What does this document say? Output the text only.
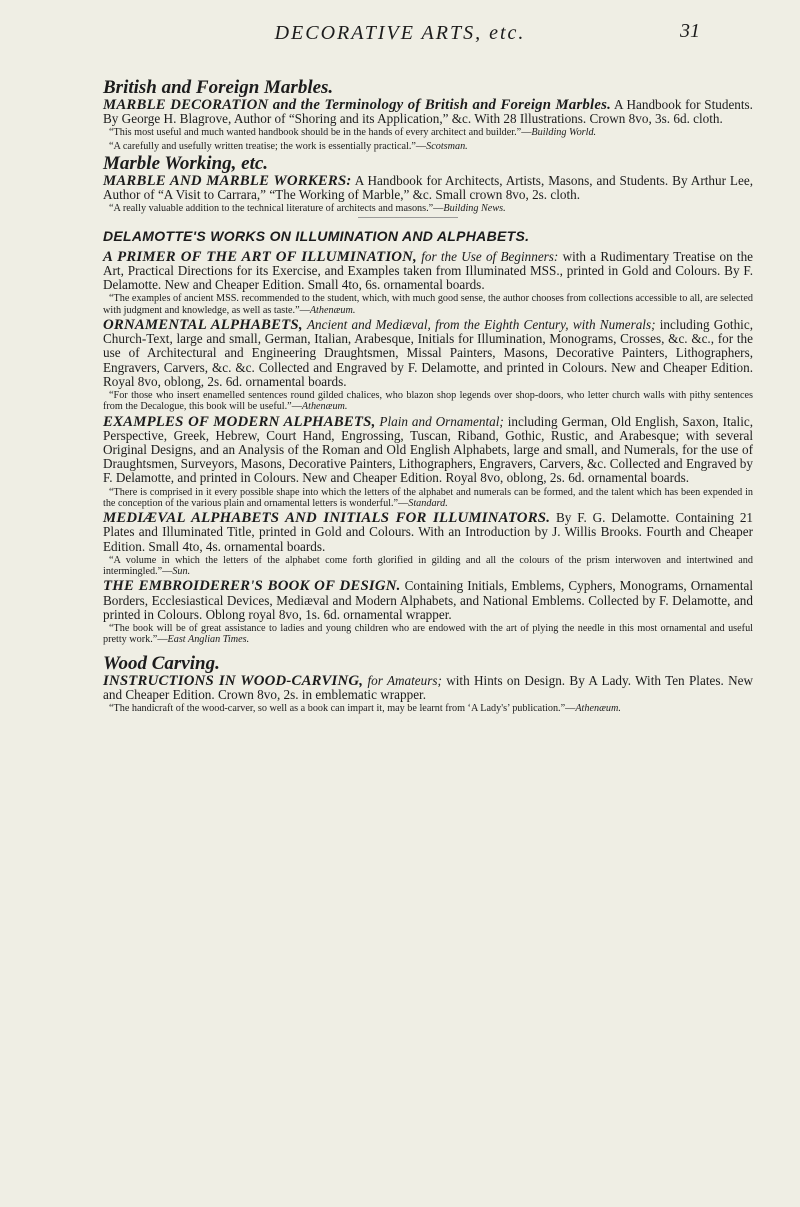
DECORATIVE ARTS, etc.	31
British and Foreign Marbles.

MARBLE DECORATION and the Terminology of British and Foreign Marbles. A Handbook for Students. By George H. Blagrove, Author of “Shoring and its Application,” &c. With 28 Illustrations. Crown 8vo, 3s. 6d. cloth.

“This most useful and much wanted handbook should be in the hands of every architect and builder.”—Building World.

“A carefully and usefully written treatise; the work is essentially practical.”—Scotsman.

Marble Working, etc.

MARBLE AND MARBLE WORKERS: A Handbook for Architects, Artists, Masons, and Students. By Arthur Lee, Author of “A Visit to Carrara,” “The Working of Marble,” &c. Small crown 8vo, 2s. cloth.

“A really valuable addition to the technical literature of architects and masons.”—Building News.

DELAMOTTE'S WORKS ON ILLUMINATION AND ALPHABETS.

A PRIMER OF THE ART OF ILLUMINATION, for the Use of Beginners: with a Rudimentary Treatise on the Art, Practical Directions for its Exercise, and Examples taken from Illuminated MSS., printed in Gold and Colours. By F. Delamotte. New and Cheaper Edition. Small 4to, 6s. ornamental boards.

“The examples of ancient MSS. recommended to the student, which, with much good sense, the author chooses from collections accessible to all, are selected with judgment and knowledge, as well as taste.”—Athenæum.

ORNAMENTAL ALPHABETS, Ancient and Mediæval, from the Eighth Century, with Numerals; including Gothic, Church-Text, large and small, German, Italian, Arabesque, Initials for Illumination, Monograms, Crosses, &c. &c., for the use of Architectural and Engineering Draughtsmen, Missal Painters, Masons, Decorative Painters, Lithographers, Engravers, Carvers, &c. &c. Collected and Engraved by F. Delamotte, and printed in Colours. New and Cheaper Edition. Royal 8vo, oblong, 2s. 6d. ornamental boards.

“For those who insert enamelled sentences round gilded chalices, who blazon shop legends over shop-doors, who letter church walls with pithy sentences from the Decalogue, this book will be useful.”—Athenæum.

EXAMPLES OF MODERN ALPHABETS, Plain and Ornamental; including German, Old English, Saxon, Italic, Perspective, Greek, Hebrew, Court Hand, Engrossing, Tuscan, Riband, Gothic, Rustic, and Arabesque; with several Original Designs, and an Analysis of the Roman and Old English Alphabets, large and small, and Numerals, for the use of Draughtsmen, Surveyors, Masons, Decorative Painters, Lithographers, Engravers, Carvers, &c. Collected and Engraved by F. Delamotte, and printed in Colours. New and Cheaper Edition. Royal 8vo, oblong, 2s. 6d. ornamental boards.

“There is comprised in it every possible shape into which the letters of the alphabet and numerals can be formed, and the talent which has been expended in the conception of the various plain and ornamental letters is wonderful.”—Standard.

MEDIÆVAL ALPHABETS AND INITIALS FOR ILLUMINATORS. By F. G. Delamotte. Containing 21 Plates and Illuminated Title, printed in Gold and Colours. With an Introduction by J. Willis Brooks. Fourth and Cheaper Edition. Small 4to, 4s. ornamental boards.

“A volume in which the letters of the alphabet come forth glorified in gilding and all the colours of the prism interwoven and intertwined and intermingled.”—Sun.

THE EMBROIDERER'S BOOK OF DESIGN. Containing Initials, Emblems, Cyphers, Monograms, Ornamental Borders, Ecclesiastical Devices, Mediæval and Modern Alphabets, and National Emblems. Collected by F. Delamotte, and printed in Colours. Oblong royal 8vo, 1s. 6d. ornamental wrapper.

“The book will be of great assistance to ladies and young children who are endowed with the art of plying the needle in this most ornamental and useful pretty work.”—East Anglian Times.

Wood Carving.

INSTRUCTIONS IN WOOD-CARVING, for Amateurs; with Hints on Design. By A Lady. With Ten Plates. New and Cheaper Edition. Crown 8vo, 2s. in emblematic wrapper.

“The handicraft of the wood-carver, so well as a book can impart it, may be learnt from ‘A Lady's’ publication.”—Athenæum.
